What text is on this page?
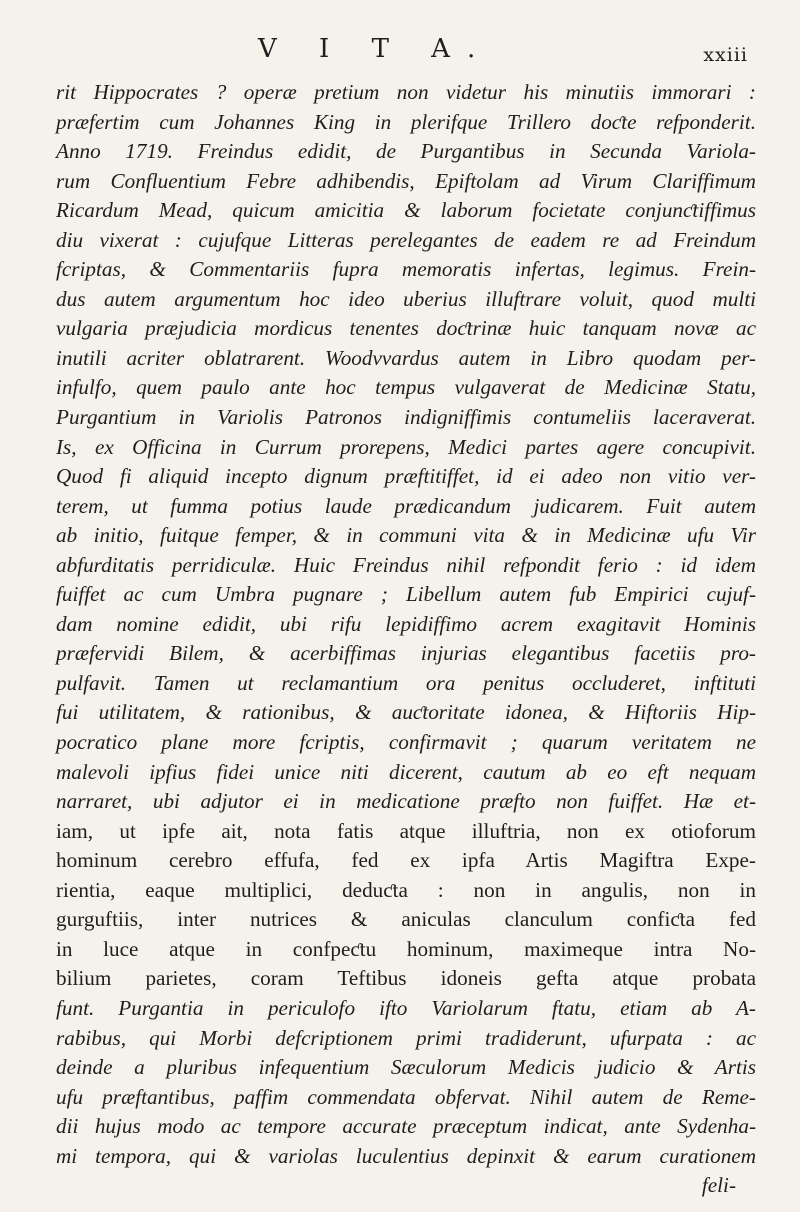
V I T A.	xxiii
rit Hippocrates ? operæ pretium non videtur his minutiis immorari :
præfertim cum Johannes King in plerifque Trillero doƈte refponderit.
Anno 1719. Freindus edidit, de Purgantibus in Secunda Variola-
rum Confluentium Febre adhibendis, Epiftolam ad Virum Clariffimum
Ricardum Mead, quicum amicitia & laborum focietate conjunƈtiffimus
diu vixerat : cujufque Litteras perelegantes de eadem re ad Freindum
fcriptas, & Commentariis fupra memoratis infertas, legimus. Frein-
dus autem argumentum hoc ideo uberius illuftrare voluit, quod multi
vulgaria præjudicia mordicus tenentes doƈtrinæ huic tanquam novæ ac
inutili acriter oblatrarent. Woodvvardus autem in Libro quodam per-
infulfo, quem paulo ante hoc tempus vulgaverat de Medicinæ Statu,
Purgantium in Variolis Patronos indigniffimis contumeliis laceraverat.
Is, ex Officina in Currum prorepens, Medici partes agere concupivit.
Quod fi aliquid incepto dignum præftitiffet, id ei adeo non vitio ver-
terem, ut fumma potius laude prædicandum judicarem. Fuit autem
ab initio, fuitque femper, & in communi vita & in Medicinæ ufu Vir
abfurditatis perridiculæ. Huic Freindus nihil refpondit ferio : id idem
fuiffet ac cum Umbra pugnare ; Libellum autem fub Empirici cujuf-
dam nomine edidit, ubi rifu lepidiffimo acrem exagitavit Hominis
præfervidi Bilem, & acerbiffimas injurias elegantibus facetiis pro-
pulfavit. Tamen ut reclamantium ora penitus occluderet, inftituti
fui utilitatem, & rationibus, & auƈtoritate idonea, & Hiftoriis Hip-
pocratico plane more fcriptis, confirmavit ; quarum veritatem ne
malevoli ipfius fidei unice niti dicerent, cautum ab eo eft nequam
narraret, ubi adjutor ei in medicatione præfto non fuiffet. Hæ et-
iam, ut ipfe ait, nota fatis atque illuftria, non ex otioforum
hominum cerebro effufa, fed ex ipfa Artis Magiftra Expe-
rientia, eaque multiplici, deduƈta : non in angulis, non in
gurguftiis, inter nutrices & aniculas clanculum confiƈta fed
in luce atque in confpeƈtu hominum, maximeque intra No-
bilium parietes, coram Teftibus idoneis gefta atque probata
funt. Purgantia in periculofo ifto Variolarum ftatu, etiam ab A-
rabibus, qui Morbi defcriptionem primi tradiderunt, ufurpata : ac
deinde a pluribus infequentium Sæculorum Medicis judicio & Artis
ufu præftantibus, paffim commendata obfervat. Nihil autem de Reme-
dii hujus modo ac tempore accurate præceptum indicat, ante Sydenha-
mi tempora, qui & variolas luculentius depinxit & earum curationem
feli-
